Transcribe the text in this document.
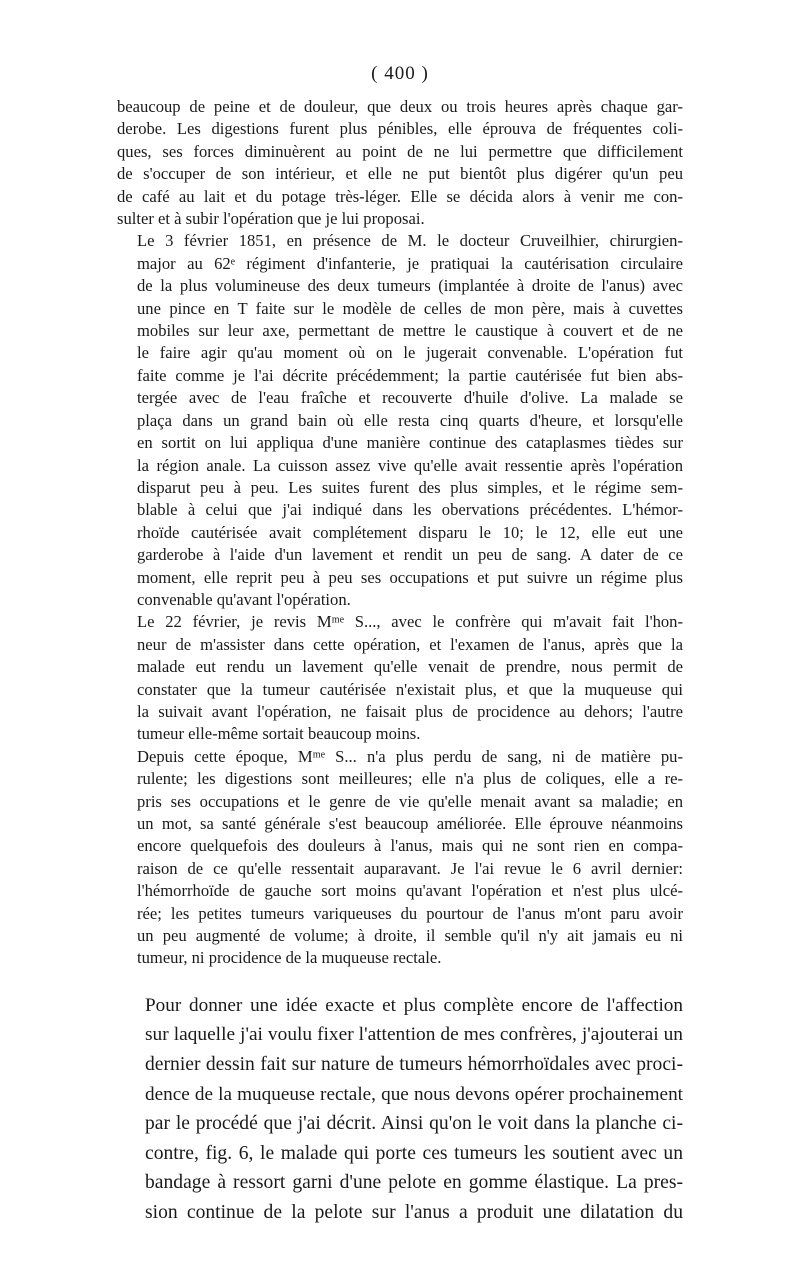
( 400 )

beaucoup de peine et de douleur, que deux ou trois heures après chaque gar-
derobe. Les digestions furent plus pénibles, elle éprouva de fréquentes coli-
ques, ses forces diminuèrent au point de ne lui permettre que difficilement
de s'occuper de son intérieur, et elle ne put bientôt plus digérer qu'un peu
de café au lait et du potage très-léger. Elle se décida alors à venir me con-
sulter et à subir l'opération que je lui proposai.

Le 3 février 1851, en présence de M. le docteur Cruveilhier, chirurgien-
major au 62ᵉ régiment d'infanterie, je pratiquai la cautérisation circulaire
de la plus volumineuse des deux tumeurs (implantée à droite de l'anus) avec
une pince en T faite sur le modèle de celles de mon père, mais à cuvettes
mobiles sur leur axe, permettant de mettre le caustique à couvert et de ne
le faire agir qu'au moment où on le jugerait convenable. L'opération fut
faite comme je l'ai décrite précédemment; la partie cautérisée fut bien abs-
tergée avec de l'eau fraîche et recouverte d'huile d'olive. La malade se
plaça dans un grand bain où elle resta cinq quarts d'heure, et lorsqu'elle
en sortit on lui appliqua d'une manière continue des cataplasmes tièdes sur
la région anale. La cuisson assez vive qu'elle avait ressentie après l'opération
disparut peu à peu. Les suites furent des plus simples, et le régime sem-
blable à celui que j'ai indiqué dans les obervations précédentes. L'hémor-
rhoïde cautérisée avait complétement disparu le 10; le 12, elle eut une
garderobe à l'aide d'un lavement et rendit un peu de sang. A dater de ce
moment, elle reprit peu à peu ses occupations et put suivre un régime plus
convenable qu'avant l'opération.

Le 22 février, je revis Mᵐᵉ S..., avec le confrère qui m'avait fait l'hon-
neur de m'assister dans cette opération, et l'examen de l'anus, après que la
malade eut rendu un lavement qu'elle venait de prendre, nous permit de
constater que la tumeur cautérisée n'existait plus, et que la muqueuse qui
la suivait avant l'opération, ne faisait plus de procidence au dehors; l'autre
tumeur elle-même sortait beaucoup moins.

Depuis cette époque, Mᵐᵉ S... n'a plus perdu de sang, ni de matière pu-
rulente; les digestions sont meilleures; elle n'a plus de coliques, elle a re-
pris ses occupations et le genre de vie qu'elle menait avant sa maladie; en
un mot, sa santé générale s'est beaucoup améliorée. Elle éprouve néanmoins
encore quelquefois des douleurs à l'anus, mais qui ne sont rien en compa-
raison de ce qu'elle ressentait auparavant. Je l'ai revue le 6 avril dernier:
l'hémorrhoïde de gauche sort moins qu'avant l'opération et n'est plus ulcé-
rée; les petites tumeurs variqueuses du pourtour de l'anus m'ont paru avoir
un peu augmenté de volume; à droite, il semble qu'il n'y ait jamais eu ni
tumeur, ni procidence de la muqueuse rectale.

Pour donner une idée exacte et plus complète encore de l'affection
sur laquelle j'ai voulu fixer l'attention de mes confrères, j'ajouterai un
dernier dessin fait sur nature de tumeurs hémorrhoïdales avec proci-
dence de la muqueuse rectale, que nous devons opérer prochainement
par le procédé que j'ai décrit. Ainsi qu'on le voit dans la planche ci-
contre, fig. 6, le malade qui porte ces tumeurs les soutient avec un
bandage à ressort garni d'une pelote en gomme élastique. La pres-
sion continue de la pelote sur l'anus a produit une dilatation du
